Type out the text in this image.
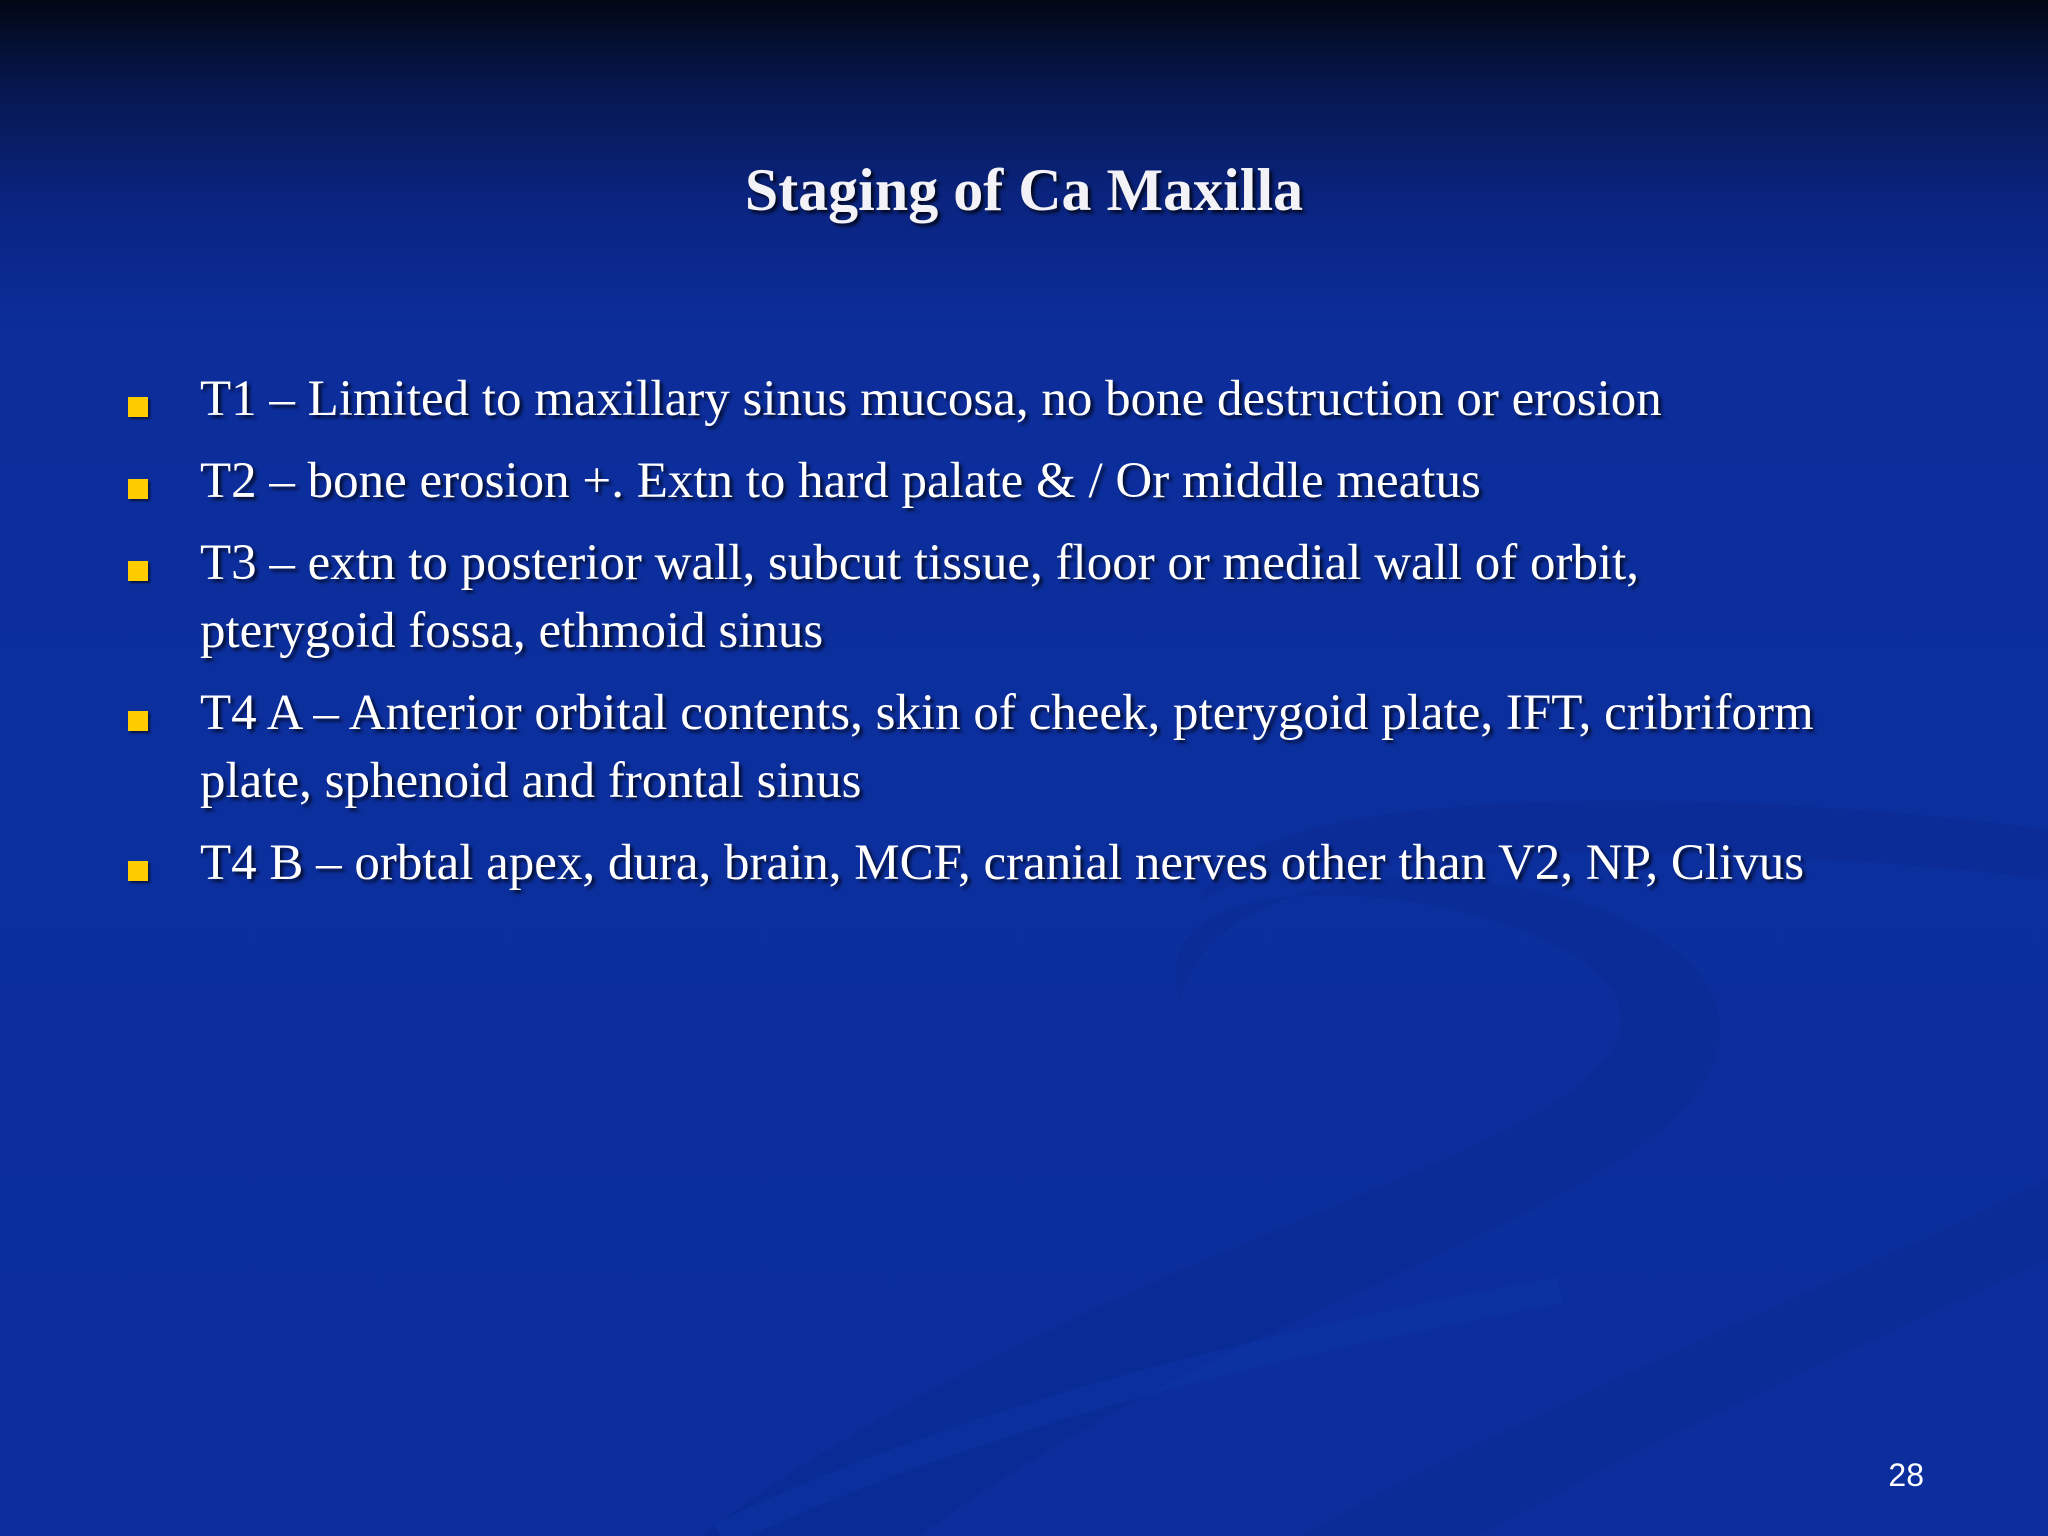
Staging of Ca Maxilla
T1 – Limited to maxillary sinus mucosa, no bone destruction or erosion
T2 – bone erosion +. Extn to hard palate & / Or middle meatus
T3 – extn to posterior wall, subcut tissue, floor or medial wall of orbit, pterygoid fossa, ethmoid sinus
T4 A – Anterior orbital contents, skin of cheek, pterygoid plate, IFT, cribriform plate, sphenoid and frontal sinus
T4 B – orbtal apex, dura, brain, MCF, cranial nerves other than V2, NP, Clivus
28
